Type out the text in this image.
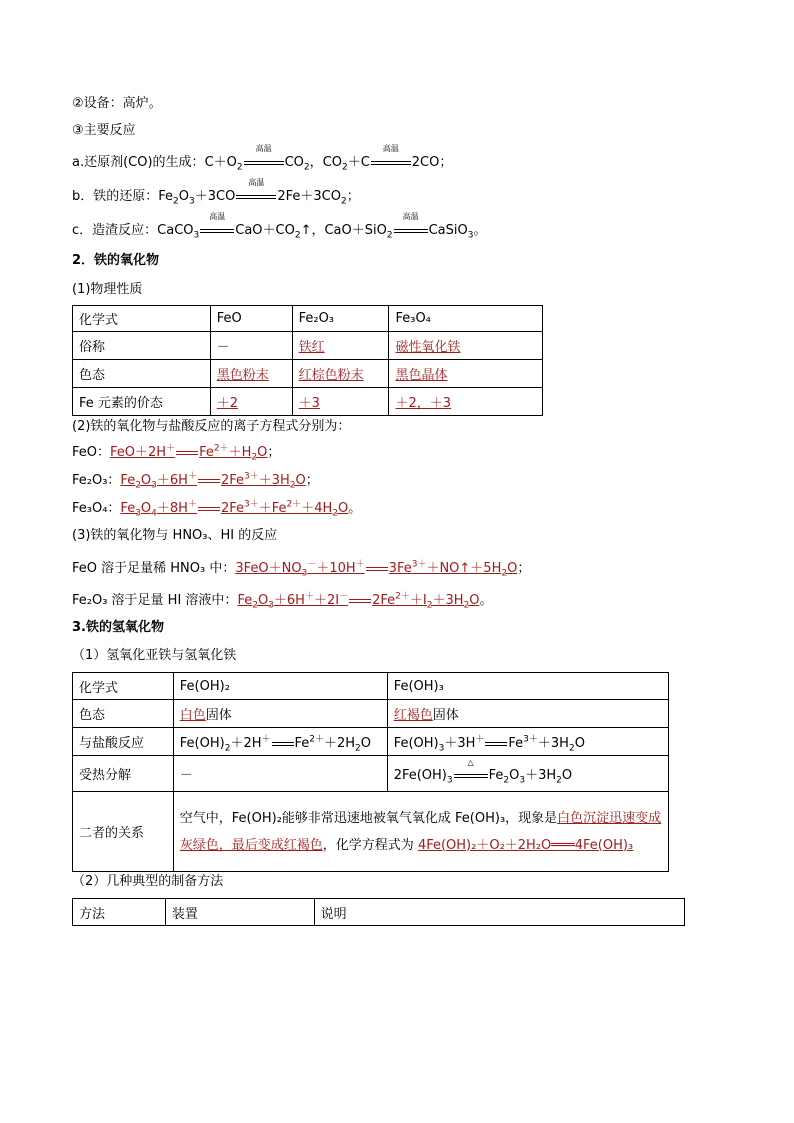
②设备：高炉。
③主要反应
a.还原剂(CO)的生成：$C+O_2$
高温
$CO_2$，$CO_2+C$
高温
2CO；
b．铁的还原：$Fe_2O_3+3CO$
高温
$2Fe+3CO_2$；
c．造渣反应：CaCO$_3$
高温
$CaO+CO_2↑$，CaO＋SiO$_2$
高温
CaSiO$_3$。
2．铁的氧化物
(1)物理性质
化学式	FeO	Fe₂O₃	Fe₃O₄
俗称	－	铁红	磁性氧化铁
色态	黑色粉末	红棕色粉末	黑色晶体
Fe 元素的价态	＋2	＋3	＋2，＋3
(2)铁的氧化物与盐酸反应的离子方程式分别为：
FeO：FeO＋2H＋ $Fe^{2+}+H_2O$；
Fe₂O₃：$Fe_2O_3+6H^+$ $2Fe^{3+}+3H_2O$；
Fe₃O₄：$Fe_3O_4+8H^+$ $2Fe^{3+}+Fe^{2+}+4H_2O$。
(3)铁的氧化物与 HNO₃、HI 的反应
FeO 溶于足量稀 HNO₃ 中：$3FeO+NO_3^-+10H^+$ $3Fe^{3+}+NO↑+5H_2O$；
Fe₂O₃ 溶于足量 HI 溶液中：$Fe_2O_3+6H^++2I^-$ $2Fe^{2+}+I_2+3H_2O$。
3.铁的氢氧化物
（1）氢氧化亚铁与氢氧化铁
化学式	Fe(OH)₂	Fe(OH)₃
色态	白色固体	红褐色固体
与盐酸反应	$Fe(OH)_2+2H^+$ $Fe^{2+}+2H_2O$	$Fe(OH)_3+3H^+$ $Fe^{3+}+3H_2O$
受热分解	－	$2Fe(OH)_3$
△
$Fe_2O_3+3H_2O$
二者的关系	空气中，Fe(OH)₂能够非常迅速地被氧气氧化成 Fe(OH)₃，现象是白色沉淀迅速变成灰绿色，最后变成红褐色，化学方程式为 4Fe(OH)₂＋O₂＋2H₂O═══4Fe(OH)₃	
（2）几种典型的制备方法
方法	装置	说明
